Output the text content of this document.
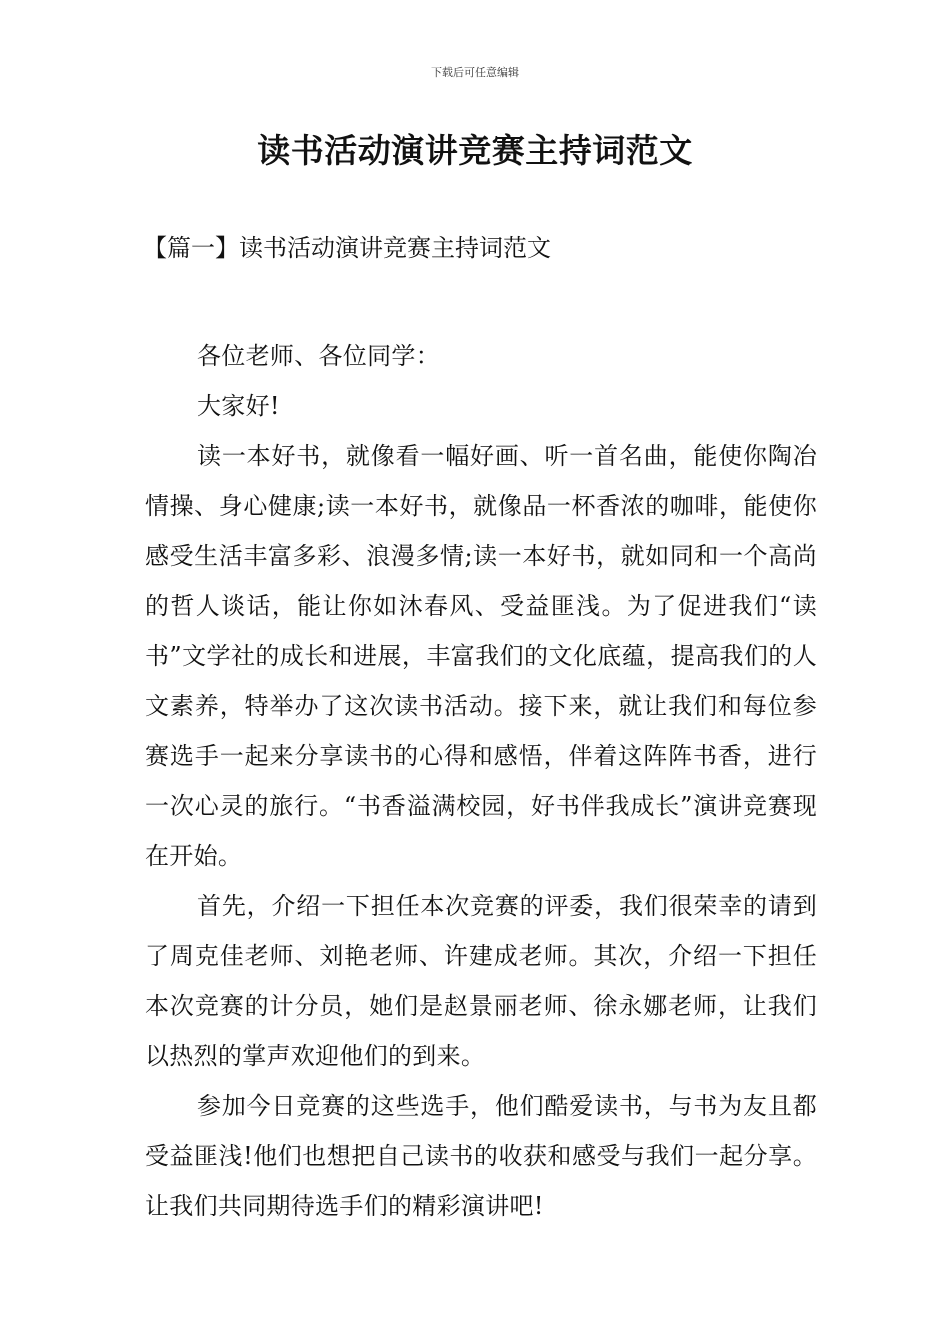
下载后可任意编辑
读书活动演讲竞赛主持词范文
【篇一】读书活动演讲竞赛主持词范文

各位老师、各位同学：

大家好!

读一本好书，就像看一幅好画、听一首名曲，能使你陶冶情操、身心健康;读一本好书，就像品一杯香浓的咖啡，能使你感受生活丰富多彩、浪漫多情;读一本好书，就如同和一个高尚的哲人谈话，能让你如沐春风、受益匪浅。为了促进我们“读书”文学社的成长和进展，丰富我们的文化底蕴，提高我们的人文素养，特举办了这次读书活动。接下来，就让我们和每位参赛选手一起来分享读书的心得和感悟，伴着这阵阵书香，进行一次心灵的旅行。“书香溢满校园，好书伴我成长”演讲竞赛现在开始。

首先，介绍一下担任本次竞赛的评委，我们很荣幸的请到了周克佳老师、刘艳老师、许建成老师。其次，介绍一下担任本次竞赛的计分员，她们是赵景丽老师、徐永娜老师，让我们以热烈的掌声欢迎他们的到来。

参加今日竞赛的这些选手，他们酷爱读书，与书为友且都受益匪浅!他们也想把自己读书的收获和感受与我们一起分享。让我们共同期待选手们的精彩演讲吧!
